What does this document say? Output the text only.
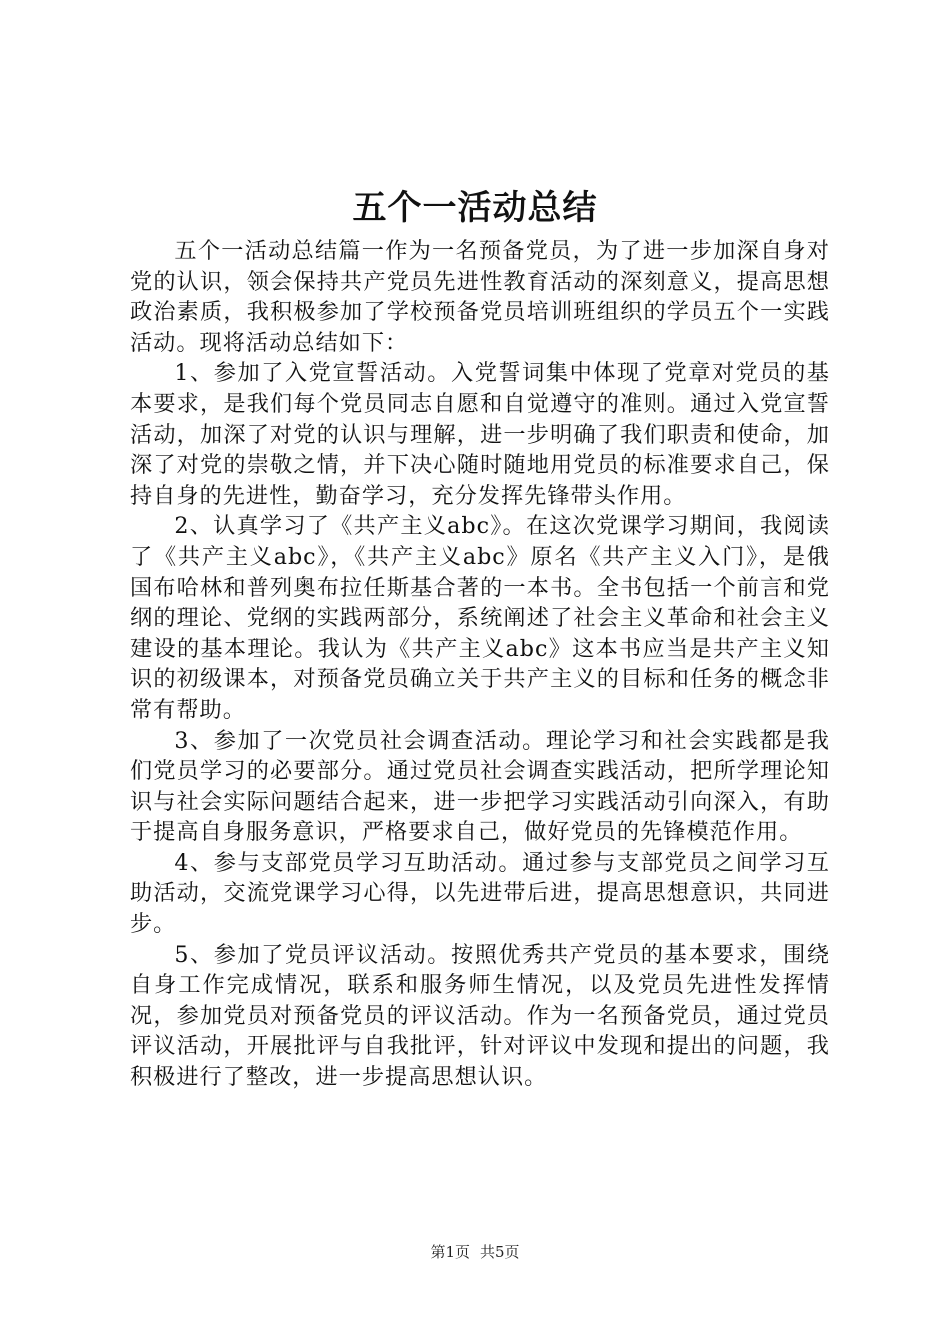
五个一活动总结

五个一活动总结篇一作为一名预备党员，为了进一步加深自身对党的认识，领会保持共产党员先进性教育活动的深刻意义，提高思想政治素质，我积极参加了学校预备党员培训班组织的学员五个一实践活动。现将活动总结如下：

1、参加了入党宣誓活动。入党誓词集中体现了党章对党员的基本要求，是我们每个党员同志自愿和自觉遵守的准则。通过入党宣誓活动，加深了对党的认识与理解，进一步明确了我们职责和使命，加深了对党的崇敬之情，并下决心随时随地用党员的标准要求自己，保持自身的先进性，勤奋学习，充分发挥先锋带头作用。

2、认真学习了《共产主义abc》。在这次党课学习期间，我阅读了《共产主义abc》，《共产主义abc》原名《共产主义入门》，是俄国布哈林和普列奥布拉任斯基合著的一本书。全书包括一个前言和党纲的理论、党纲的实践两部分，系统阐述了社会主义革命和社会主义建设的基本理论。我认为《共产主义abc》这本书应当是共产主义知识的初级课本，对预备党员确立关于共产主义的目标和任务的概念非常有帮助。

3、参加了一次党员社会调查活动。理论学习和社会实践都是我们党员学习的必要部分。通过党员社会调查实践活动，把所学理论知识与社会实际问题结合起来，进一步把学习实践活动引向深入，有助于提高自身服务意识，严格要求自己，做好党员的先锋模范作用。

4、参与支部党员学习互助活动。通过参与支部党员之间学习互助活动，交流党课学习心得，以先进带后进，提高思想意识，共同进步。

5、参加了党员评议活动。按照优秀共产党员的基本要求，围绕自身工作完成情况，联系和服务师生情况，以及党员先进性发挥情况，参加党员对预备党员的评议活动。作为一名预备党员，通过党员评议活动，开展批评与自我批评，针对评议中发现和提出的问题，我积极进行了整改，进一步提高思想认识。

第1页 共5页
